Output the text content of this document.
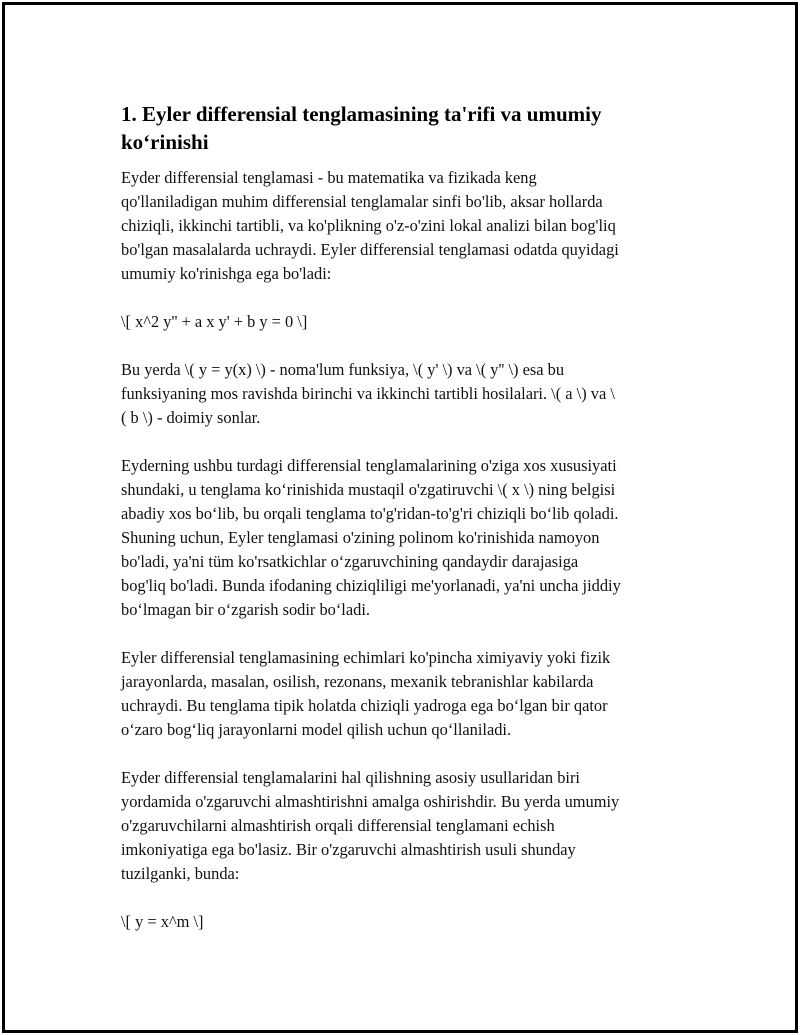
1. Eyler differensial tenglamasining ta'rifi va umumiy
ko‘rinishi

Eyder differensial tenglamasi - bu matematika va fizikada keng
qo'llaniladigan muhim differensial tenglamalar sinfi bo'lib, aksar hollarda
chiziqli, ikkinchi tartibli, va ko'plikning o'z-o'zini lokal analizi bilan bog'liq
bo'lgan masalalarda uchraydi. Eyler differensial tenglamasi odatda quyidagi
umumiy ko'rinishga ega bo'ladi:

\[ x^2 y'' + a x y' + b y = 0 \]

Bu yerda \( y = y(x) \) - noma'lum funksiya, \( y' \) va \( y'' \) esa bu
funksiyaning mos ravishda birinchi va ikkinchi tartibli hosilalari. \( a \) va \
( b \) - doimiy sonlar.

Eyderning ushbu turdagi differensial tenglamalarining o'ziga xos xususiyati
shundaki, u tenglama ko‘rinishida mustaqil o'zgatiruvchi \( x \) ning belgisi
abadiy xos bo‘lib, bu orqali tenglama to'g'ridan-to'g'ri chiziqli bo‘lib qoladi.
Shuning uchun, Eyler tenglamasi o'zining polinom ko'rinishida namoyon
bo'ladi, ya'ni tüm ko'rsatkichlar o‘zgaruvchining qandaydir darajasiga
bog'liq bo'ladi. Bunda ifodaning chiziqliligi me'yorlanadi, ya'ni uncha jiddiy
bo‘lmagan bir o‘zgarish sodir bo‘ladi.

Eyler differensial tenglamasining echimlari ko'pincha ximiyaviy yoki fizik
jarayonlarda, masalan, osilish, rezonans, mexanik tebranishlar kabilarda
uchraydi. Bu tenglama tipik holatda chiziqli yadroga ega bo‘lgan bir qator
o‘zaro bog‘liq jarayonlarni model qilish uchun qo‘llaniladi.

Eyder differensial tenglamalarini hal qilishning asosiy usullaridan biri
yordamida o'zgaruvchi almashtirishni amalga oshirishdir. Bu yerda umumiy
o'zgaruvchilarni almashtirish orqali differensial tenglamani echish
imkoniyatiga ega bo'lasiz. Bir o'zgaruvchi almashtirish usuli shunday
tuzilganki, bunda:

\[ y = x^m \]
